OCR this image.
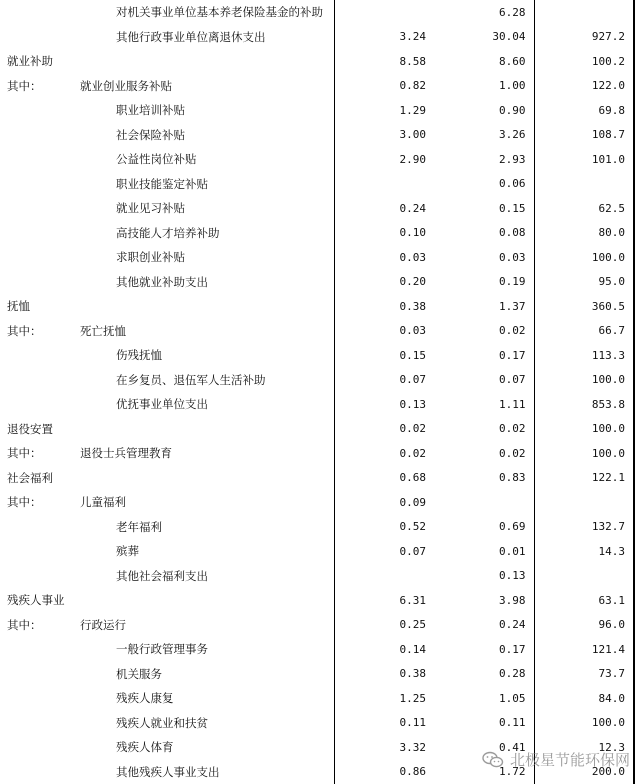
	对机关事业单位基本养老保险基金的补助		6.28		
	其他行政事业单位离退休支出	3.24	30.04	927.2	
就业补助		8.58	8.60	100.2	
其中：	就业创业服务补贴	0.82	1.00	122.0	
	职业培训补贴	1.29	0.90	69.8	
	社会保险补贴	3.00	3.26	108.7	
	公益性岗位补贴	2.90	2.93	101.0	
	职业技能鉴定补贴		0.06		
	就业见习补贴	0.24	0.15	62.5	
	高技能人才培养补助	0.10	0.08	80.0	
	求职创业补贴	0.03	0.03	100.0	
	其他就业补助支出	0.20	0.19	95.0	
抚恤		0.38	1.37	360.5	
其中：	死亡抚恤	0.03	0.02	66.7	
	伤残抚恤	0.15	0.17	113.3	
	在乡复员、退伍军人生活补助	0.07	0.07	100.0	
	优抚事业单位支出	0.13	1.11	853.8	
退役安置		0.02	0.02	100.0	
其中：	退役士兵管理教育	0.02	0.02	100.0	
社会福利		0.68	0.83	122.1	
其中：	儿童福利	0.09			
	老年福利	0.52	0.69	132.7	
	殡葬	0.07	0.01	14.3	
	其他社会福利支出		0.13		
残疾人事业		6.31	3.98	63.1	
其中：	行政运行	0.25	0.24	96.0	
	一般行政管理事务	0.14	0.17	121.4	
	机关服务	0.38	0.28	73.7	
	残疾人康复	1.25	1.05	84.0	
	残疾人就业和扶贫	0.11	0.11	100.0	
	残疾人体育	3.32	0.41	12.3	
	其他残疾人事业支出	0.86	1.72	200.0	
北极星节能环保网
